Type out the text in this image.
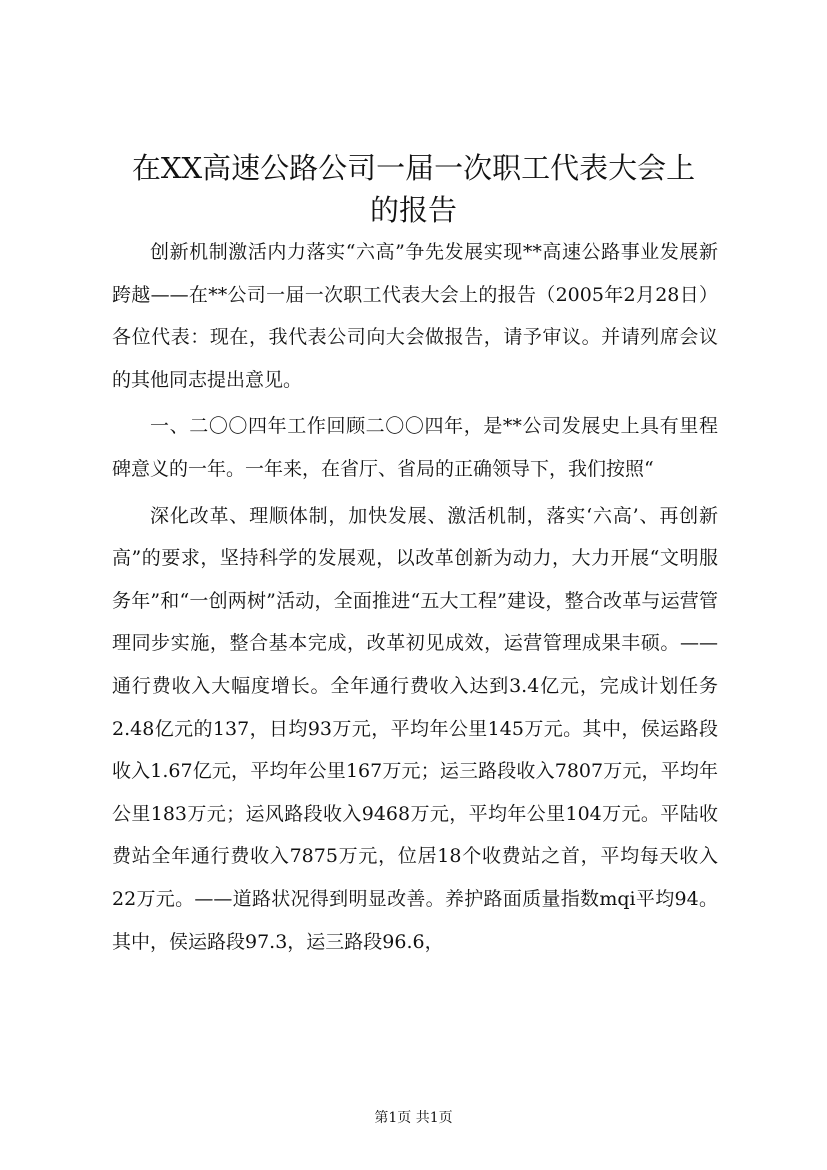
在XX高速公路公司一届一次职工代表大会上
的报告

创新机制激活内力落实“六高”争先发展实现**高速公路事业发展新跨越——在**公司一届一次职工代表大会上的报告（2005年2月28日）各位代表：现在，我代表公司向大会做报告，请予审议。并请列席会议的其他同志提出意见。

一、二〇〇四年工作回顾二〇〇四年，是**公司发展史上具有里程碑意义的一年。一年来，在省厅、省局的正确领导下，我们按照“

深化改革、理顺体制，加快发展、激活机制，落实‘六高’、再创新高”的要求，坚持科学的发展观，以改革创新为动力，大力开展“文明服务年”和“一创两树”活动，全面推进“五大工程”建设，整合改革与运营管理同步实施，整合基本完成，改革初见成效，运营管理成果丰硕。——通行费收入大幅度增长。全年通行费收入达到3.4亿元，完成计划任务2.48亿元的137，日均93万元，平均年公里145万元。其中，侯运路段收入1.67亿元，平均年公里167万元；运三路段收入7807万元，平均年公里183万元；运风路段收入9468万元，平均年公里104万元。平陆收费站全年通行费收入7875万元，位居18个收费站之首，平均每天收入22万元。——道路状况得到明显改善。养护路面质量指数mqi平均94。其中，侯运路段97.3，运三路段96.6，

第1页 共1页
